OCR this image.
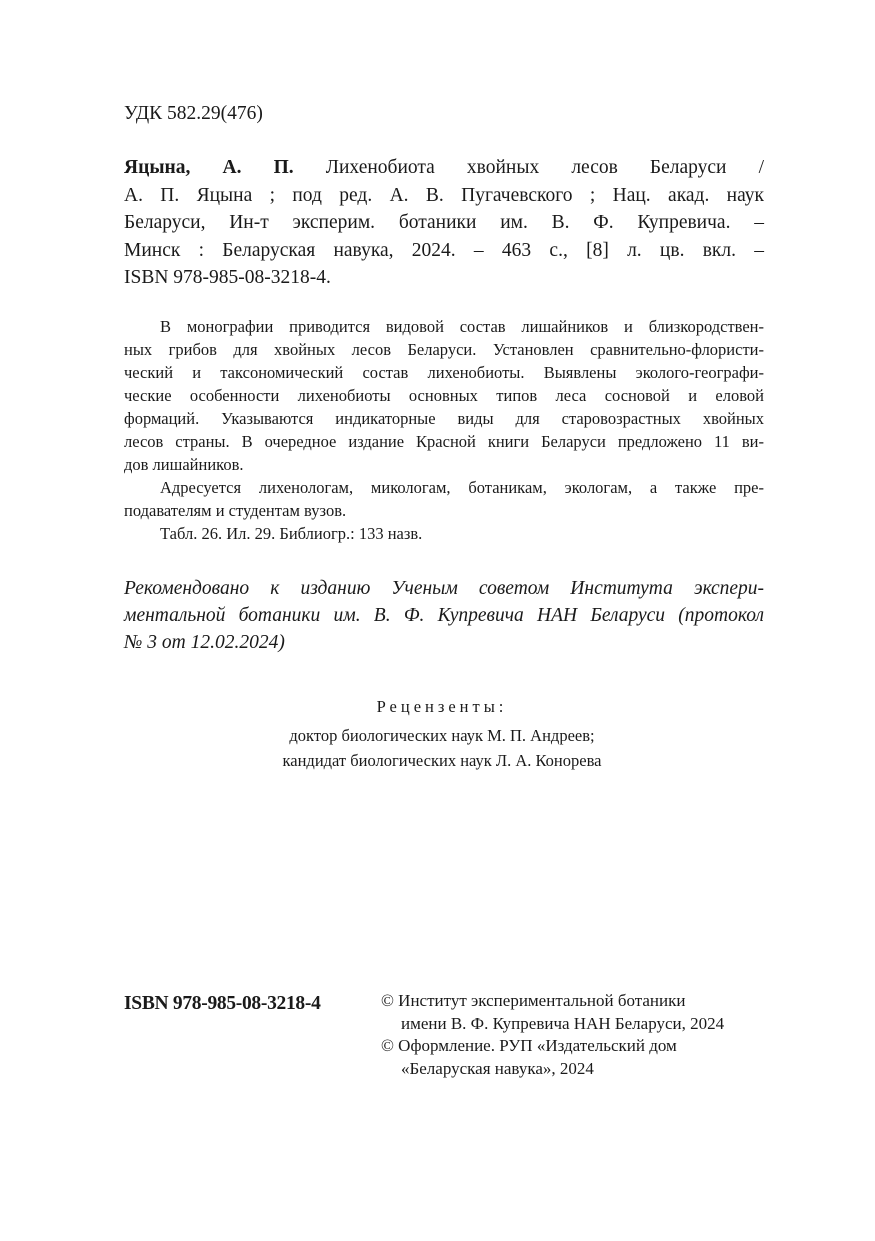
УДК 582.29(476)
Яцына, А. П. Лихенобиота хвойных лесов Беларуси /
А. П. Яцына ; под ред. А. В. Пугачевского ; Нац. акад. наук
Беларуси, Ин-т эксперим. ботаники им. В. Ф. Купревича. –
Минск : Беларуская навука, 2024. – 463 с., [8] л. цв. вкл. –
ISBN 978-985-08-3218-4.
В монографии приводится видовой состав лишайников и близкородствен-
ных грибов для хвойных лесов Беларуси. Установлен сравнительно-флористи-
ческий и таксономический состав лихенобиоты. Выявлены эколого-географи-
ческие особенности лихенобиоты основных типов леса сосновой и еловой
формаций. Указываются индикаторные виды для старовозрастных хвойных
лесов страны. В очередное издание Красной книги Беларуси предложено 11 ви-
дов лишайников.
Адресуется лихенологам, микологам, ботаникам, экологам, а также пре-
подавателям и студентам вузов.
Табл. 26. Ил. 29. Библиогр.: 133 назв.
Рекомендовано к изданию Ученым советом Института экспери-
ментальной ботаники им. В. Ф. Купревича НАН Беларуси (протокол
№ 3 от 12.02.2024)
Рецензенты:
доктор биологических наук М. П. Андреев;
кандидат биологических наук Л. А. Конорева
ISBN 978-985-08-3218-4	© Институт экспериментальной ботаники
имени В. Ф. Купревича НАН Беларуси, 2024
© Оформление. РУП «Издательский дом
«Беларуская навука», 2024
